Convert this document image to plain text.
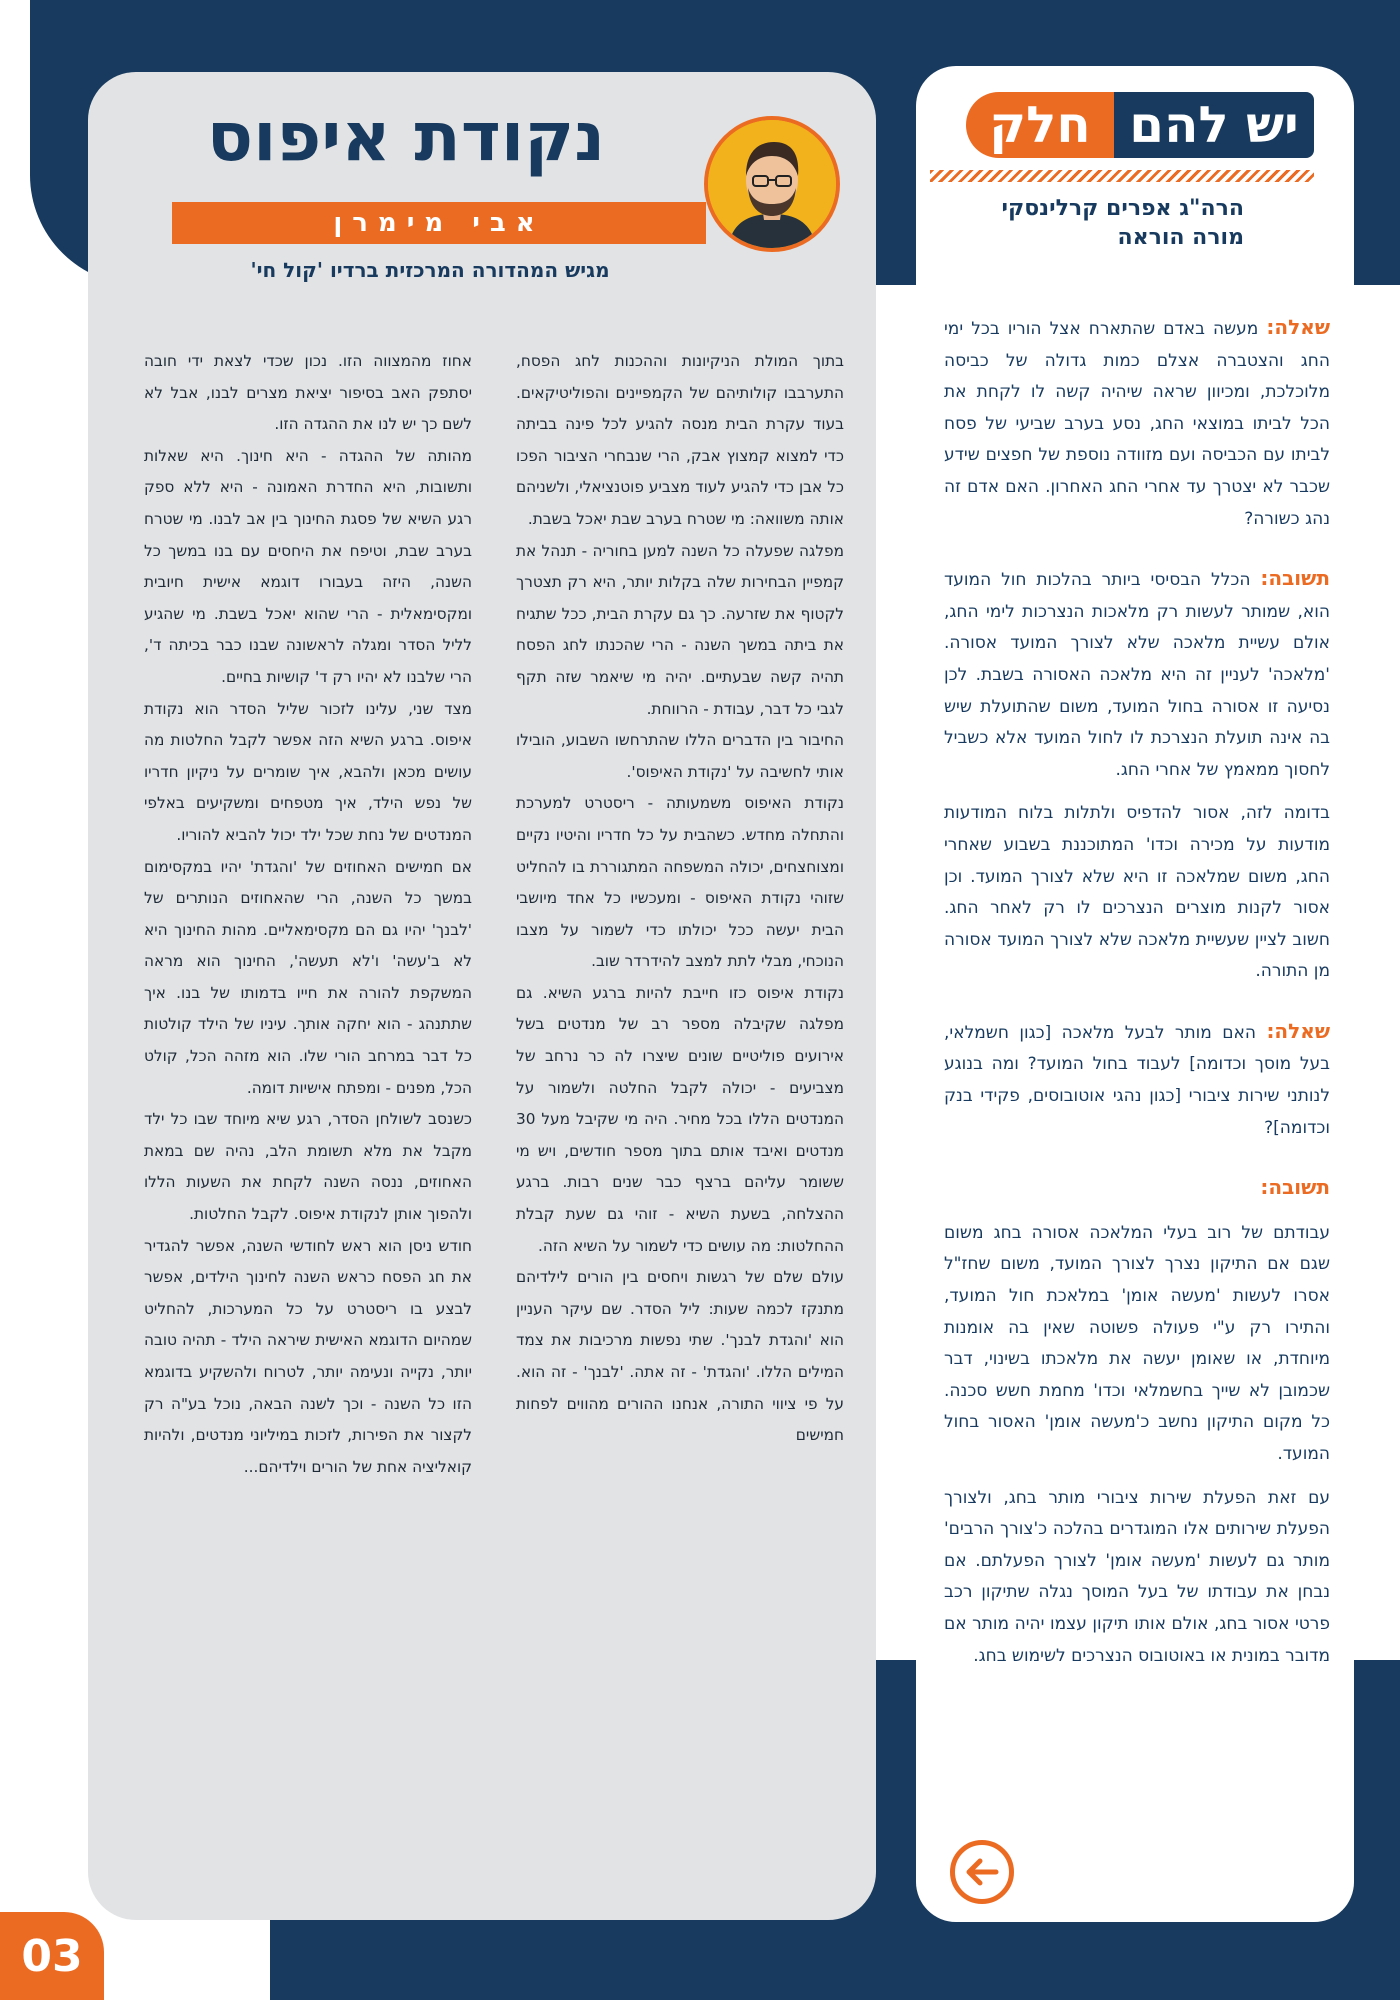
03
חלק יש להם
הרה"ג אפרים קרלינסקי
מורה הוראה

שאלה: מעשה באדם שהתארח אצל הוריו בכל ימי החג והצטברה אצלם כמות גדולה של כביסה מלוכלכת, ומכיוון שראה שיהיה קשה לו לקחת את הכל לביתו במוצאי החג, נסע בערב שביעי של פסח לביתו עם הכביסה ועם מזוודה נוספת של חפצים שידע שכבר לא יצטרך עד אחרי החג האחרון. האם אדם זה נהג כשורה?

תשובה: הכלל הבסיסי ביותר בהלכות חול המועד הוא, שמותר לעשות רק מלאכות הנצרכות לימי החג, אולם עשיית מלאכה שלא לצורך המועד אסורה. 'מלאכה' לעניין זה היא מלאכה האסורה בשבת. לכן נסיעה זו אסורה בחול המועד, משום שהתועלת שיש בה אינה תועלת הנצרכת לו לחול המועד אלא כשביל לחסוך ממאמץ של אחרי החג.

בדומה לזה, אסור להדפיס ולתלות בלוח המודעות מודעות על מכירה וכדו' המתוכננת בשבוע שאחרי החג, משום שמלאכה זו היא שלא לצורך המועד. וכן אסור לקנות מוצרים הנצרכים לו רק לאחר החג. חשוב לציין שעשיית מלאכה שלא לצורך המועד אסורה מן התורה.

שאלה: האם מותר לבעל מלאכה [כגון חשמלאי, בעל מוסך וכדומה] לעבוד בחול המועד? ומה בנוגע לנותני שירות ציבורי [כגון נהגי אוטובוסים, פקידי בנק וכדומה]?

תשובה:

עבודתם של רוב בעלי המלאכה אסורה בחג משום שגם אם התיקון נצרך לצורך המועד, משום שחז"ל אסרו לעשות 'מעשה אומן' במלאכת חול המועד, והתירו רק ע"י פעולה פשוטה שאין בה אומנות מיוחדת, או שאומן יעשה את מלאכתו בשינוי, דבר שכמובן לא שייך בחשמלאי וכדו' מחמת חשש סכנה. כל מקום התיקון נחשב כ'מעשה אומן' האסור בחול המועד.

עם זאת הפעלת שירות ציבורי מותר בחג, ולצורך הפעלת שירותים אלו המוגדרים בהלכה כ'צורך הרבים' מותר גם לעשות 'מעשה אומן' לצורך הפעלתם. אם נבחן את עבודתו של בעל המוסך נגלה שתיקון רכב פרטי אסור בחג, אולם אותו תיקון עצמו יהיה מותר אם מדובר במונית או באוטובוס הנצרכים לשימוש בחג.

נקודת איפוס
אבי מימרן
מגיש המהדורה המרכזית ברדיו 'קול חי'

בתוך המולת הניקיונות וההכנות לחג הפסח, התערבבו קולותיהם של הקמפיינים והפוליטיקאים. בעוד עקרת הבית מנסה להגיע לכל פינה בביתה כדי למצוא קמצוץ אבק, הרי שנבחרי הציבור הפכו כל אבן כדי להגיע לעוד מצביע פוטנציאלי, ולשניהם אותה משוואה: מי שטרח בערב שבת יאכל בשבת.

מפלגה שפעלה כל השנה למען בחוריה - תנהל את קמפיין הבחירות שלה בקלות יותר, היא רק תצטרך לקטוף את שזרעה. כך גם עקרת הבית, ככל שתגיח את ביתה במשך השנה - הרי שהכנתו לחג הפסח תהיה קשה שבעתיים. יהיה מי שיאמר שזה תקף לגבי כל דבר, עבודת - הרווחת.

החיבור בין הדברים הללו שהתרחשו השבוע, הובילו אותי לחשיבה על 'נקודת האיפוס'.

נקודת האיפוס משמעותה - ריסטרט למערכת והתחלה מחדש. כשהבית על כל חדריו והיטיו נקיים ומצוחצחים, יכולה המשפחה המתגוררת בו להחליט שזוהי נקודת האיפוס - ומעכשיו כל אחד מיושבי הבית יעשה ככל יכולתו כדי לשמור על מצבו הנוכחי, מבלי לתת למצב להידרדר שוב.

נקודת איפוס כזו חייבת להיות ברגע השיא. גם מפלגה שקיבלה מספר רב של מנדטים בשל אירועים פוליטיים שונים שיצרו לה כר נרחב של מצביעים - יכולה לקבל החלטה ולשמור על המנדטים הללו בכל מחיר. היה מי שקיבל מעל 30 מנדטים ואיבד אותם בתוך מספר חודשים, ויש מי ששומר עליהם ברצף כבר שנים רבות. ברגע ההצלחה, בשעת השיא - זוהי גם שעת קבלת ההחלטות: מה עושים כדי לשמור על השיא הזה.

עולם שלם של רגשות ויחסים בין הורים לילדיהם מתנקז לכמה שעות: ליל הסדר. שם עיקר העניין הוא 'והגדת לבנך'. שתי נפשות מרכיבות את צמד המילים הללו. 'והגדת' - זה אתה. 'לבנך' - זה הוא. על פי ציווי התורה, אנחנו ההורים מהווים לפחות חמישים

אחוז מהמצווה הזו. נכון שכדי לצאת ידי חובה יסתפק האב בסיפור יציאת מצרים לבנו, אבל לא לשם כך יש לנו את ההגדה הזו.

מהותה של ההגדה - היא חינוך. היא שאלות ותשובות, היא החדרת האמונה - היא ללא ספק רגע השיא של פסגת החינוך בין אב לבנו. מי שטרח בערב שבת, וטיפח את היחסים עם בנו במשך כל השנה, היזה בעבורו דוגמא אישית חיובית ומקסימאלית - הרי שהוא יאכל בשבת. מי שהגיע לליל הסדר ומגלה לראשונה שבנו כבר בכיתה ד', הרי שלבנו לא יהיו רק ד' קושיות בחיים.

מצד שני, עלינו לזכור שליל הסדר הוא נקודת איפוס. ברגע השיא הזה אפשר לקבל החלטות מה עושים מכאן ולהבא, איך שומרים על ניקיון חדריו של נפש הילד, איך מטפחים ומשקיעים באלפי המנדטים של נחת שכל ילד יכול להביא להוריו.

אם חמישים האחוזים של 'והגדת' יהיו במקסימום במשך כל השנה, הרי שהאחוזים הנותרים של 'לבנך' יהיו גם הם מקסימאליים. מהות החינוך היא לא ב'עשה' ו'לא תעשה', החינוך הוא מראה המשקפת להורה את חייו בדמותו של בנו. איך שתתנהג - הוא יחקה אותך. עיניו של הילד קולטות כל דבר במרחב הורי שלו. הוא מזהה הכל, קולט הכל, מפנים - ומפתח אישיות דומה.

כשנסב לשולחן הסדר, רגע שיא מיוחד שבו כל ילד מקבל את מלא תשומת הלב, נהיה שם במאת האחוזים, ננסה השנה לקחת את השעות הללו ולהפוך אותן לנקודת איפוס. לקבל החלטות.

חודש ניסן הוא ראש לחודשי השנה, אפשר להגדיר את חג הפסח כראש השנה לחינוך הילדים, אפשר לבצע בו ריסטרט על כל המערכות, להחליט שמהיום הדוגמא האישית שיראה הילד - תהיה טובה יותר, נקייה ונעימה יותר, לטרוח ולהשקיע בדוגמא הזו כל השנה - וכך לשנה הבאה, נוכל בע"ה רק לקצור את הפירות, לזכות במיליוני מנדטים, ולהיות קואליציה אחת של הורים וילדיהם...
